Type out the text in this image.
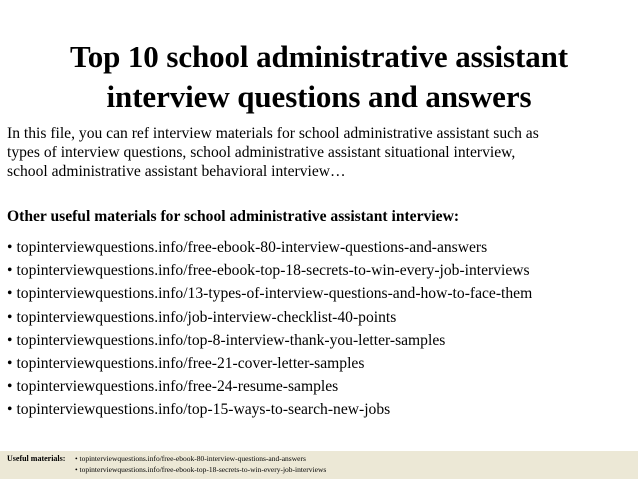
Top 10 school administrative assistant
interview questions and answers
In this file, you can ref interview materials for school administrative assistant such as
types of interview questions, school administrative assistant situational interview,
school administrative assistant behavioral interview…
Other useful materials for school administrative assistant interview:
• topinterviewquestions.info/free-ebook-80-interview-questions-and-answers
• topinterviewquestions.info/free-ebook-top-18-secrets-to-win-every-job-interviews
• topinterviewquestions.info/13-types-of-interview-questions-and-how-to-face-them
• topinterviewquestions.info/job-interview-checklist-40-points
• topinterviewquestions.info/top-8-interview-thank-you-letter-samples
• topinterviewquestions.info/free-21-cover-letter-samples
• topinterviewquestions.info/free-24-resume-samples
• topinterviewquestions.info/top-15-ways-to-search-new-jobs
Useful materials: • topinterviewquestions.info/free-ebook-80-interview-questions-and-answers
• topinterviewquestions.info/free-ebook-top-18-secrets-to-win-every-job-interviews
